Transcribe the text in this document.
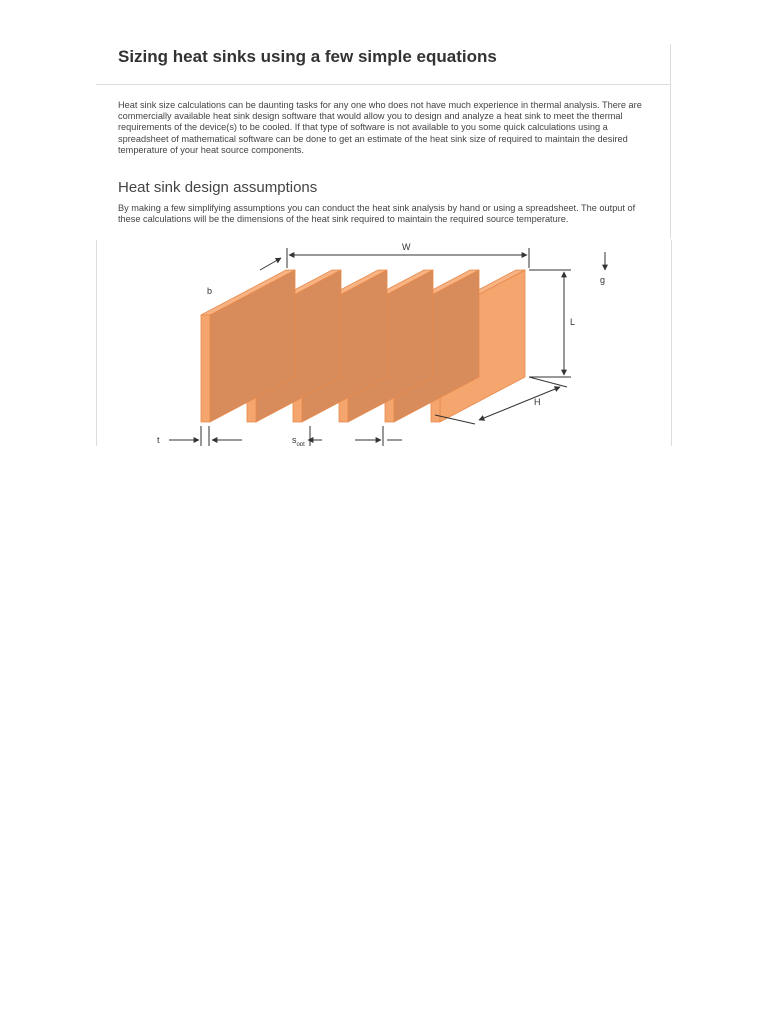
Sizing heat sinks using a few simple equations

Heat sink size calculations can be daunting tasks for any one who does not have much experience in thermal analysis. There are commercially available heat sink design software that would allow you to design and analyze a heat sink to meet the thermal requirements of the device(s) to be cooled. If that type of software is not available to you some quick calculations using a spreadsheet of mathematical software can be done to get an estimate of the heat sink size of required to maintain the desired temperature of your heat source components.

Heat sink design assumptions

By making a few simplifying assumptions you can conduct the heat sink analysis by hand or using a spreadsheet. The output of these calculations will be the dimensions of the heat sink required to maintain the required source temperature.

W
b
g
L
H
t	$s_{opt}$
